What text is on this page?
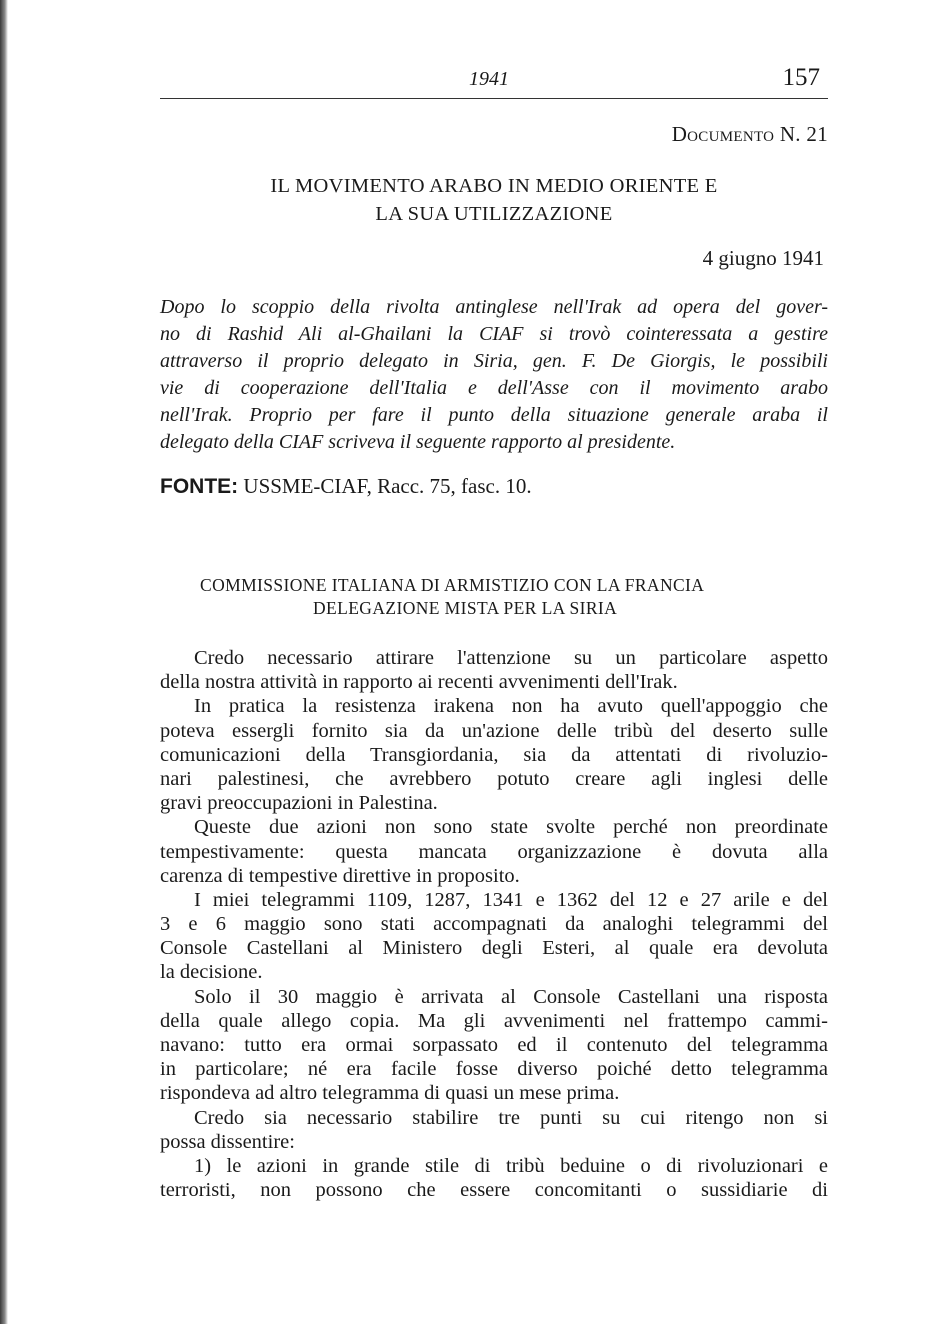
1941	157
Documento N. 21
IL MOVIMENTO ARABO IN MEDIO ORIENTE E
LA SUA UTILIZZAZIONE
4 giugno 1941
Dopo lo scoppio della rivolta antinglese nell'Irak ad opera del gover-
no di Rashid Ali al-Ghailani la CIAF si trovò cointeressata a gestire
attraverso il proprio delegato in Siria, gen. F. De Giorgis, le possibili
vie di cooperazione dell'Italia e dell'Asse con il movimento arabo
nell'Irak. Proprio per fare il punto della situazione generale araba il
delegato della CIAF scriveva il seguente rapporto al presidente.
FONTE: USSME-CIAF, Racc. 75, fasc. 10.
COMMISSIONE ITALIANA DI ARMISTIZIO CON LA FRANCIA
DELEGAZIONE MISTA PER LA SIRIA
Credo necessario attirare l'attenzione su un particolare aspetto
della nostra attività in rapporto ai recenti avvenimenti dell'Irak.
In pratica la resistenza irakena non ha avuto quell'appoggio che
poteva essergli fornito sia da un'azione delle tribù del deserto sulle
comunicazioni della Transgiordania, sia da attentati di rivoluzio-
nari palestinesi, che avrebbero potuto creare agli inglesi delle
gravi preoccupazioni in Palestina.
Queste due azioni non sono state svolte perché non preordinate
tempestivamente: questa mancata organizzazione è dovuta alla
carenza di tempestive direttive in proposito.
I miei telegrammi 1109, 1287, 1341 e 1362 del 12 e 27 arile e del
3 e 6 maggio sono stati accompagnati da analoghi telegrammi del
Console Castellani al Ministero degli Esteri, al quale era devoluta
la decisione.
Solo il 30 maggio è arrivata al Console Castellani una risposta
della quale allego copia. Ma gli avvenimenti nel frattempo cammi-
navano: tutto era ormai sorpassato ed il contenuto del telegramma
in particolare; né era facile fosse diverso poiché detto telegramma
rispondeva ad altro telegramma di quasi un mese prima.
Credo sia necessario stabilire tre punti su cui ritengo non si
possa dissentire:
1) le azioni in grande stile di tribù beduine o di rivoluzionari e
terroristi, non possono che essere concomitanti o sussidiarie di
